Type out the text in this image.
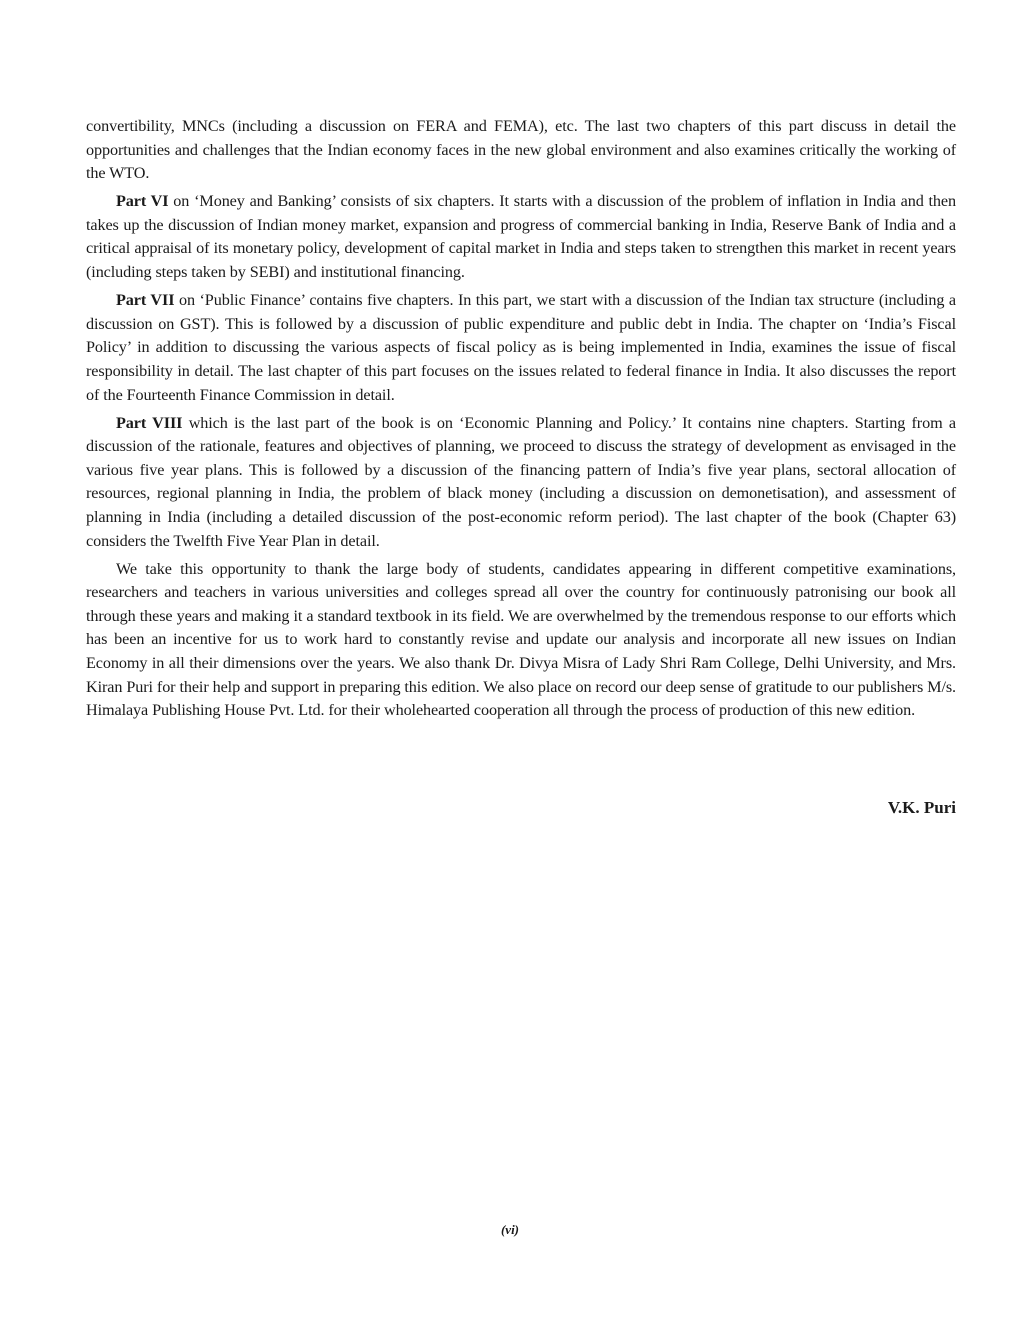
convertibility, MNCs (including a discussion on FERA and FEMA), etc. The last two chapters of this part discuss in detail the opportunities and challenges that the Indian economy faces in the new global environment and also examines critically the working of the WTO.

Part VI on ‘Money and Banking’ consists of six chapters. It starts with a discussion of the problem of inflation in India and then takes up the discussion of Indian money market, expansion and progress of commercial banking in India, Reserve Bank of India and a critical appraisal of its monetary policy, development of capital market in India and steps taken to strengthen this market in recent years (including steps taken by SEBI) and institutional financing.

Part VII on ‘Public Finance’ contains five chapters. In this part, we start with a discussion of the Indian tax structure (including a discussion on GST). This is followed by a discussion of public expenditure and public debt in India. The chapter on ‘India’s Fiscal Policy’ in addition to discussing the various aspects of fiscal policy as is being implemented in India, examines the issue of fiscal responsibility in detail. The last chapter of this part focuses on the issues related to federal finance in India. It also discusses the report of the Fourteenth Finance Commission in detail.

Part VIII which is the last part of the book is on ‘Economic Planning and Policy.’ It contains nine chapters. Starting from a discussion of the rationale, features and objectives of planning, we proceed to discuss the strategy of development as envisaged in the various five year plans. This is followed by a discussion of the financing pattern of India’s five year plans, sectoral allocation of resources, regional planning in India, the problem of black money (including a discussion on demonetisation), and assessment of planning in India (including a detailed discussion of the post-economic reform period). The last chapter of the book (Chapter 63) considers the Twelfth Five Year Plan in detail.

We take this opportunity to thank the large body of students, candidates appearing in different competitive examinations, researchers and teachers in various universities and colleges spread all over the country for continuously patronising our book all through these years and making it a standard textbook in its field. We are overwhelmed by the tremendous response to our efforts which has been an incentive for us to work hard to constantly revise and update our analysis and incorporate all new issues on Indian Economy in all their dimensions over the years. We also thank Dr. Divya Misra of Lady Shri Ram College, Delhi University, and Mrs. Kiran Puri for their help and support in preparing this edition. We also place on record our deep sense of gratitude to our publishers M/s. Himalaya Publishing House Pvt. Ltd. for their wholehearted cooperation all through the process of production of this new edition.

V.K. Puri
(vi)
